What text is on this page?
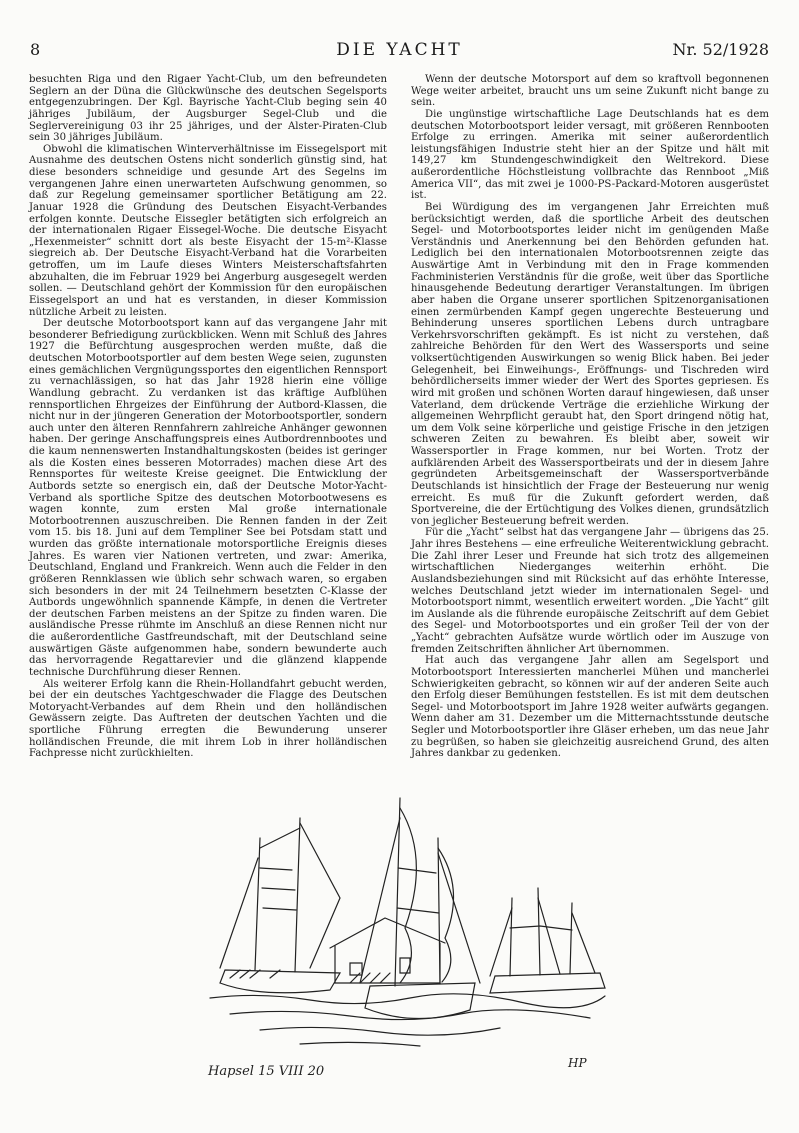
8	DIE YACHT	Nr. 52/1928

besuchten Riga und den Rigaer Yacht-Club, um den befreundeten Seglern an der Düna die Glückwünsche des deutschen Segelsports entgegenzubringen. Der Kgl. Bayrische Yacht-Club beging sein 40 jähriges Jubiläum, der Augsburger Segel-Club und die Seglervereinigung 03 ihr 25 jähriges, und der Alster-Piraten-Club sein 30 jähriges Jubiläum.

Obwohl die klimatischen Winterverhältnisse im Eissegelsport mit Ausnahme des deutschen Ostens nicht sonderlich günstig sind, hat diese besonders schneidige und gesunde Art des Segelns im vergangenen Jahre einen unerwarteten Aufschwung genommen, so daß zur Regelung gemeinsamer sportlicher Betätigung am 22. Januar 1928 die Gründung des Deutschen Eisyacht-Verbandes erfolgen konnte. Deutsche Eissegler betätigten sich erfolgreich an der internationalen Rigaer Eissegel-Woche. Die deutsche Eisyacht „Hexenmeister“ schnitt dort als beste Eisyacht der 15-m²-Klasse siegreich ab. Der Deutsche Eisyacht-Verband hat die Vorarbeiten getroffen, um im Laufe dieses Winters Meisterschaftsfahrten abzuhalten, die im Februar 1929 bei Angerburg ausgesegelt werden sollen. — Deutschland gehört der Kommission für den europäischen Eissegelsport an und hat es verstanden, in dieser Kommission nützliche Arbeit zu leisten.

Der deutsche Motorbootsport kann auf das vergangene Jahr mit besonderer Befriedigung zurückblicken. Wenn mit Schluß des Jahres 1927 die Befürchtung ausgesprochen werden mußte, daß die deutschen Motorbootsportler auf dem besten Wege seien, zugunsten eines gemächlichen Vergnügungssportes den eigentlichen Rennsport zu vernachlässigen, so hat das Jahr 1928 hierin eine völlige Wandlung gebracht. Zu verdanken ist das kräftige Aufblühen rennsportlichen Ehrgeizes der Einführung der Autbord-Klassen, die nicht nur in der jüngeren Generation der Motorbootsportler, sondern auch unter den älteren Rennfahrern zahlreiche Anhänger gewonnen haben. Der geringe Anschaffungspreis eines Autbordrennbootes und die kaum nennenswerten Instandhaltungskosten (beides ist geringer als die Kosten eines besseren Motorrades) machen diese Art des Rennsportes für weiteste Kreise geeignet. Die Entwicklung der Autbords setzte so energisch ein, daß der Deutsche Motor-Yacht-Verband als sportliche Spitze des deutschen Motorbootwesens es wagen konnte, zum ersten Mal große internationale Motorbootrennen auszuschreiben. Die Rennen fanden in der Zeit vom 15. bis 18. Juni auf dem Templiner See bei Potsdam statt und wurden das größte internationale motorsportliche Ereignis dieses Jahres. Es waren vier Nationen vertreten, und zwar: Amerika, Deutschland, England und Frankreich. Wenn auch die Felder in den größeren Rennklassen wie üblich sehr schwach waren, so ergaben sich besonders in der mit 24 Teilnehmern besetzten C-Klasse der Autbords ungewöhnlich spannende Kämpfe, in denen die Vertreter der deutschen Farben meistens an der Spitze zu finden waren. Die ausländische Presse rühmte im Anschluß an diese Rennen nicht nur die außerordentliche Gastfreundschaft, mit der Deutschland seine auswärtigen Gäste aufgenommen habe, sondern bewunderte auch das hervorragende Regattarevier und die glänzend klappende technische Durchführung dieser Rennen.

Als weiterer Erfolg kann die Rhein-Hollandfahrt gebucht werden, bei der ein deutsches Yachtgeschwader die Flagge des Deutschen Motoryacht-Verbandes auf dem Rhein und den holländischen Gewässern zeigte. Das Auftreten der deutschen Yachten und die sportliche Führung erregten die Bewunderung unserer holländischen Freunde, die mit ihrem Lob in ihrer holländischen Fachpresse nicht zurückhielten.

Wenn der deutsche Motorsport auf dem so kraftvoll begonnenen Wege weiter arbeitet, braucht uns um seine Zukunft nicht bange zu sein.

Die ungünstige wirtschaftliche Lage Deutschlands hat es dem deutschen Motorbootsport leider versagt, mit größeren Rennbooten Erfolge zu erringen. Amerika mit seiner außerordentlich leistungsfähigen Industrie steht hier an der Spitze und hält mit 149,27 km Stundengeschwindigkeit den Weltrekord. Diese außerordentliche Höchstleistung vollbrachte das Rennboot „Miß America VII“, das mit zwei je 1000-PS-Packard-Motoren ausgerüstet ist.

Bei Würdigung des im vergangenen Jahr Erreichten muß berücksichtigt werden, daß die sportliche Arbeit des deutschen Segel- und Motorbootsportes leider nicht im genügenden Maße Verständnis und Anerkennung bei den Behörden gefunden hat. Lediglich bei den internationalen Motorbootsrennen zeigte das Auswärtige Amt in Verbindung mit den in Frage kommenden Fachministerien Verständnis für die große, weit über das Sportliche hinausgehende Bedeutung derartiger Veranstaltungen. Im übrigen aber haben die Organe unserer sportlichen Spitzenorganisationen einen zermürbenden Kampf gegen ungerechte Besteuerung und Behinderung unseres sportlichen Lebens durch untragbare Verkehrsvorschriften gekämpft. Es ist nicht zu verstehen, daß zahlreiche Behörden für den Wert des Wassersports und seine volksertüchtigenden Auswirkungen so wenig Blick haben. Bei jeder Gelegenheit, bei Einweihungs-, Eröffnungs- und Tischreden wird behördlicherseits immer wieder der Wert des Sportes gepriesen. Es wird mit großen und schönen Worten darauf hingewiesen, daß unser Vaterland, dem drückende Verträge die erziehliche Wirkung der allgemeinen Wehrpflicht geraubt hat, den Sport dringend nötig hat, um dem Volk seine körperliche und geistige Frische in den jetzigen schweren Zeiten zu bewahren. Es bleibt aber, soweit wir Wassersportler in Frage kommen, nur bei Worten. Trotz der aufklärenden Arbeit des Wassersportbeirats und der in diesem Jahre gegründeten Arbeitsgemeinschaft der Wassersportverbände Deutschlands ist hinsichtlich der Frage der Besteuerung nur wenig erreicht. Es muß für die Zukunft gefordert werden, daß Sportvereine, die der Ertüchtigung des Volkes dienen, grundsätzlich von jeglicher Besteuerung befreit werden.

Für die „Yacht“ selbst hat das vergangene Jahr — übrigens das 25. Jahr ihres Bestehens — eine erfreuliche Weiterentwicklung gebracht. Die Zahl ihrer Leser und Freunde hat sich trotz des allgemeinen wirtschaftlichen Niederganges weiterhin erhöht. Die Auslandsbeziehungen sind mit Rücksicht auf das erhöhte Interesse, welches Deutschland jetzt wieder im internationalen Segel- und Motorbootsport nimmt, wesentlich erweitert worden. „Die Yacht“ gilt im Auslande als die führende europäische Zeitschrift auf dem Gebiet des Segel- und Motorbootsportes und ein großer Teil der von der „Yacht“ gebrachten Aufsätze wurde wörtlich oder im Auszuge von fremden Zeitschriften ähnlicher Art übernommen.

Hat auch das vergangene Jahr allen am Segelsport und Motorbootsport Interessierten mancherlei Mühen und mancherlei Schwierigkeiten gebracht, so können wir auf der anderen Seite auch den Erfolg dieser Bemühungen feststellen. Es ist mit dem deutschen Segel- und Motorbootsport im Jahre 1928 weiter aufwärts gegangen. Wenn daher am 31. Dezember um die Mitternachtsstunde deutsche Segler und Motorbootsportler ihre Gläser erheben, um das neue Jahr zu begrüßen, so haben sie gleichzeitig ausreichend Grund, des alten Jahres dankbar zu gedenken.

Hapsel 15 VIII 20
HP
